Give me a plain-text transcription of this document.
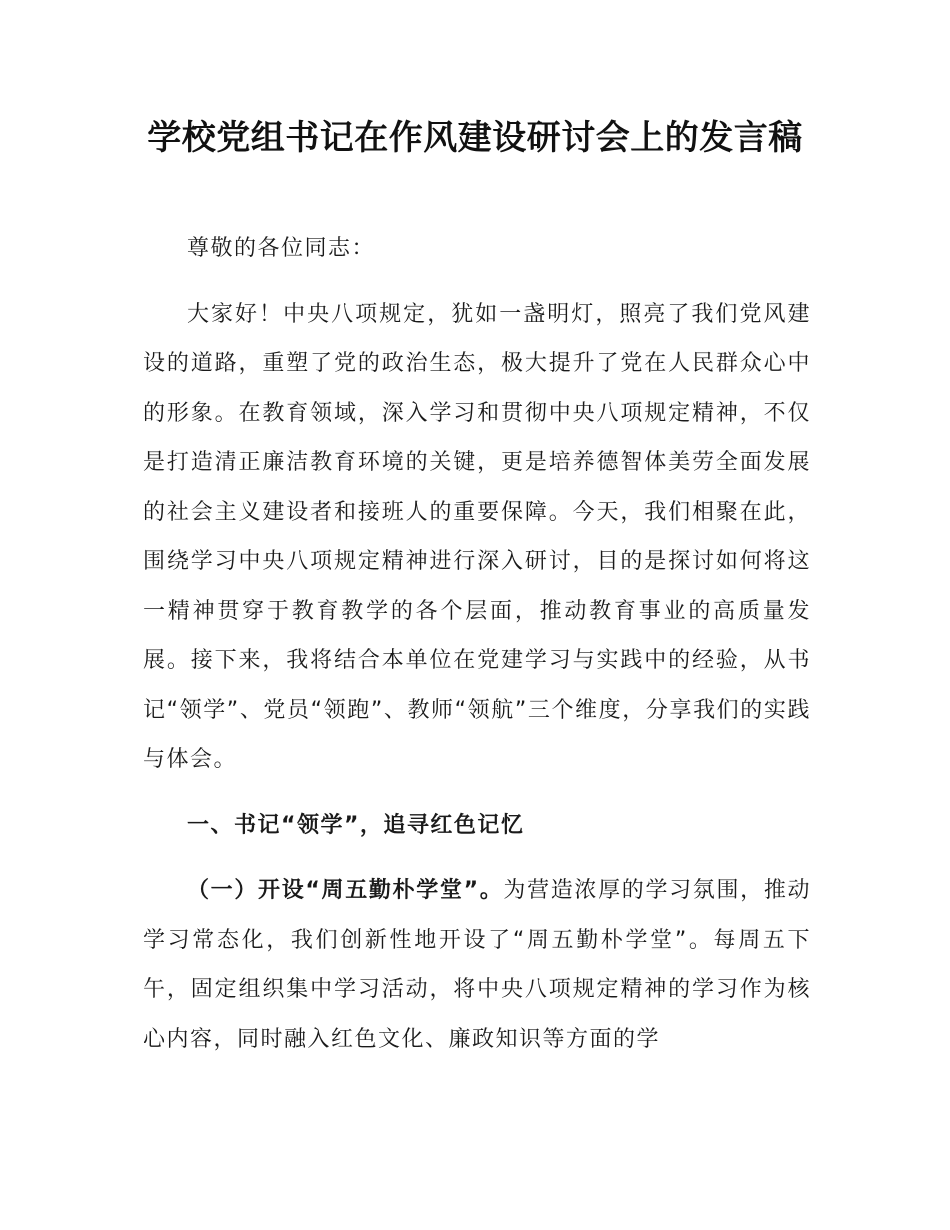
学校党组书记在作风建设研讨会上的发言稿

尊敬的各位同志：

大家好！中央八项规定，犹如一盏明灯，照亮了我们党风建设的道路，重塑了党的政治生态，极大提升了党在人民群众心中的形象。在教育领域，深入学习和贯彻中央八项规定精神，不仅是打造清正廉洁教育环境的关键，更是培养德智体美劳全面发展的社会主义建设者和接班人的重要保障。今天，我们相聚在此，围绕学习中央八项规定精神进行深入研讨，目的是探讨如何将这一精神贯穿于教育教学的各个层面，推动教育事业的高质量发展。接下来，我将结合本单位在党建学习与实践中的经验，从书记“领学”、党员“领跑”、教师“领航”三个维度，分享我们的实践与体会。

一、书记“领学”，追寻红色记忆

（一）开设“周五勤朴学堂”。为营造浓厚的学习氛围，推动学习常态化，我们创新性地开设了“周五勤朴学堂”。每周五下午，固定组织集中学习活动，将中央八项规定精神的学习作为核心内容，同时融入红色文化、廉政知识等方面的学
